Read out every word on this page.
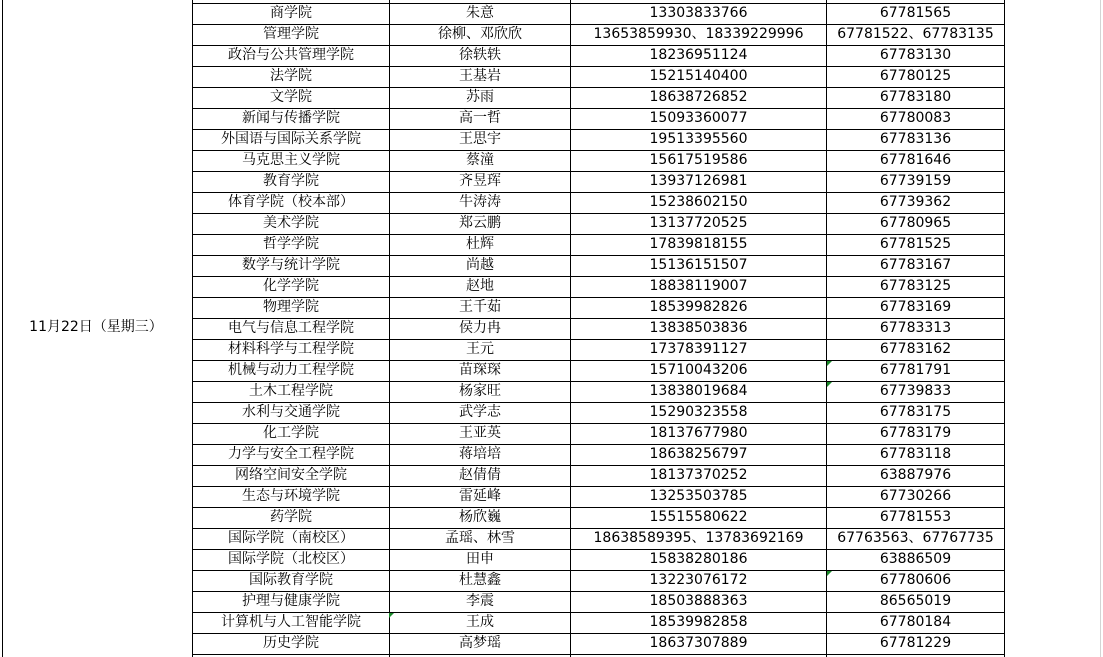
11月22日（星期三）
商学院	朱意	13303833766	67781565
管理学院	徐柳、邓欣欣	13653859930、18339229996	67781522、67783135
政治与公共管理学院	徐轶轶	18236951124	67783130
法学院	王基岩	15215140400	67780125
文学院	苏雨	18638726852	67783180
新闻与传播学院	高一哲	15093360077	67780083
外国语与国际关系学院	王思宇	19513395560	67783136
马克思主义学院	蔡潼	15617519586	67781646
教育学院	齐昱珲	13937126981	67739159
体育学院（校本部）	牛涛涛	15238602150	67739362
美术学院	郑云鹏	13137720525	67780965
哲学学院	杜辉	17839818155	67781525
数学与统计学院	尚越	15136151507	67783167
化学学院	赵地	18838119007	67783125
物理学院	王千茹	18539982826	67783169
电气与信息工程学院	侯力冉	13838503836	67783313
材料科学与工程学院	王元	17378391127	67783162
机械与动力工程学院	苗琛琛	15710043206	67781791
土木工程学院	杨家旺	13838019684	67739833
水利与交通学院	武学志	15290323558	67783175
化工学院	王亚英	18137677980	67783179
力学与安全工程学院	蒋培培	18638256797	67783118
网络空间安全学院	赵倩倩	18137370252	63887976
生态与环境学院	雷延峰	13253503785	67730266
药学院	杨欣巍	15515580622	67781553
国际学院（南校区）	孟瑶、林雪	18638589395、13783692169	67763563、67767735
国际学院（北校区）	田申	15838280186	63886509
国际教育学院	杜慧鑫	13223076172	67780606
护理与健康学院	李震	18503888363	86565019
计算机与人工智能学院	王成	18539982858	67780184
历史学院	高梦瑶	18637307889	67781229
